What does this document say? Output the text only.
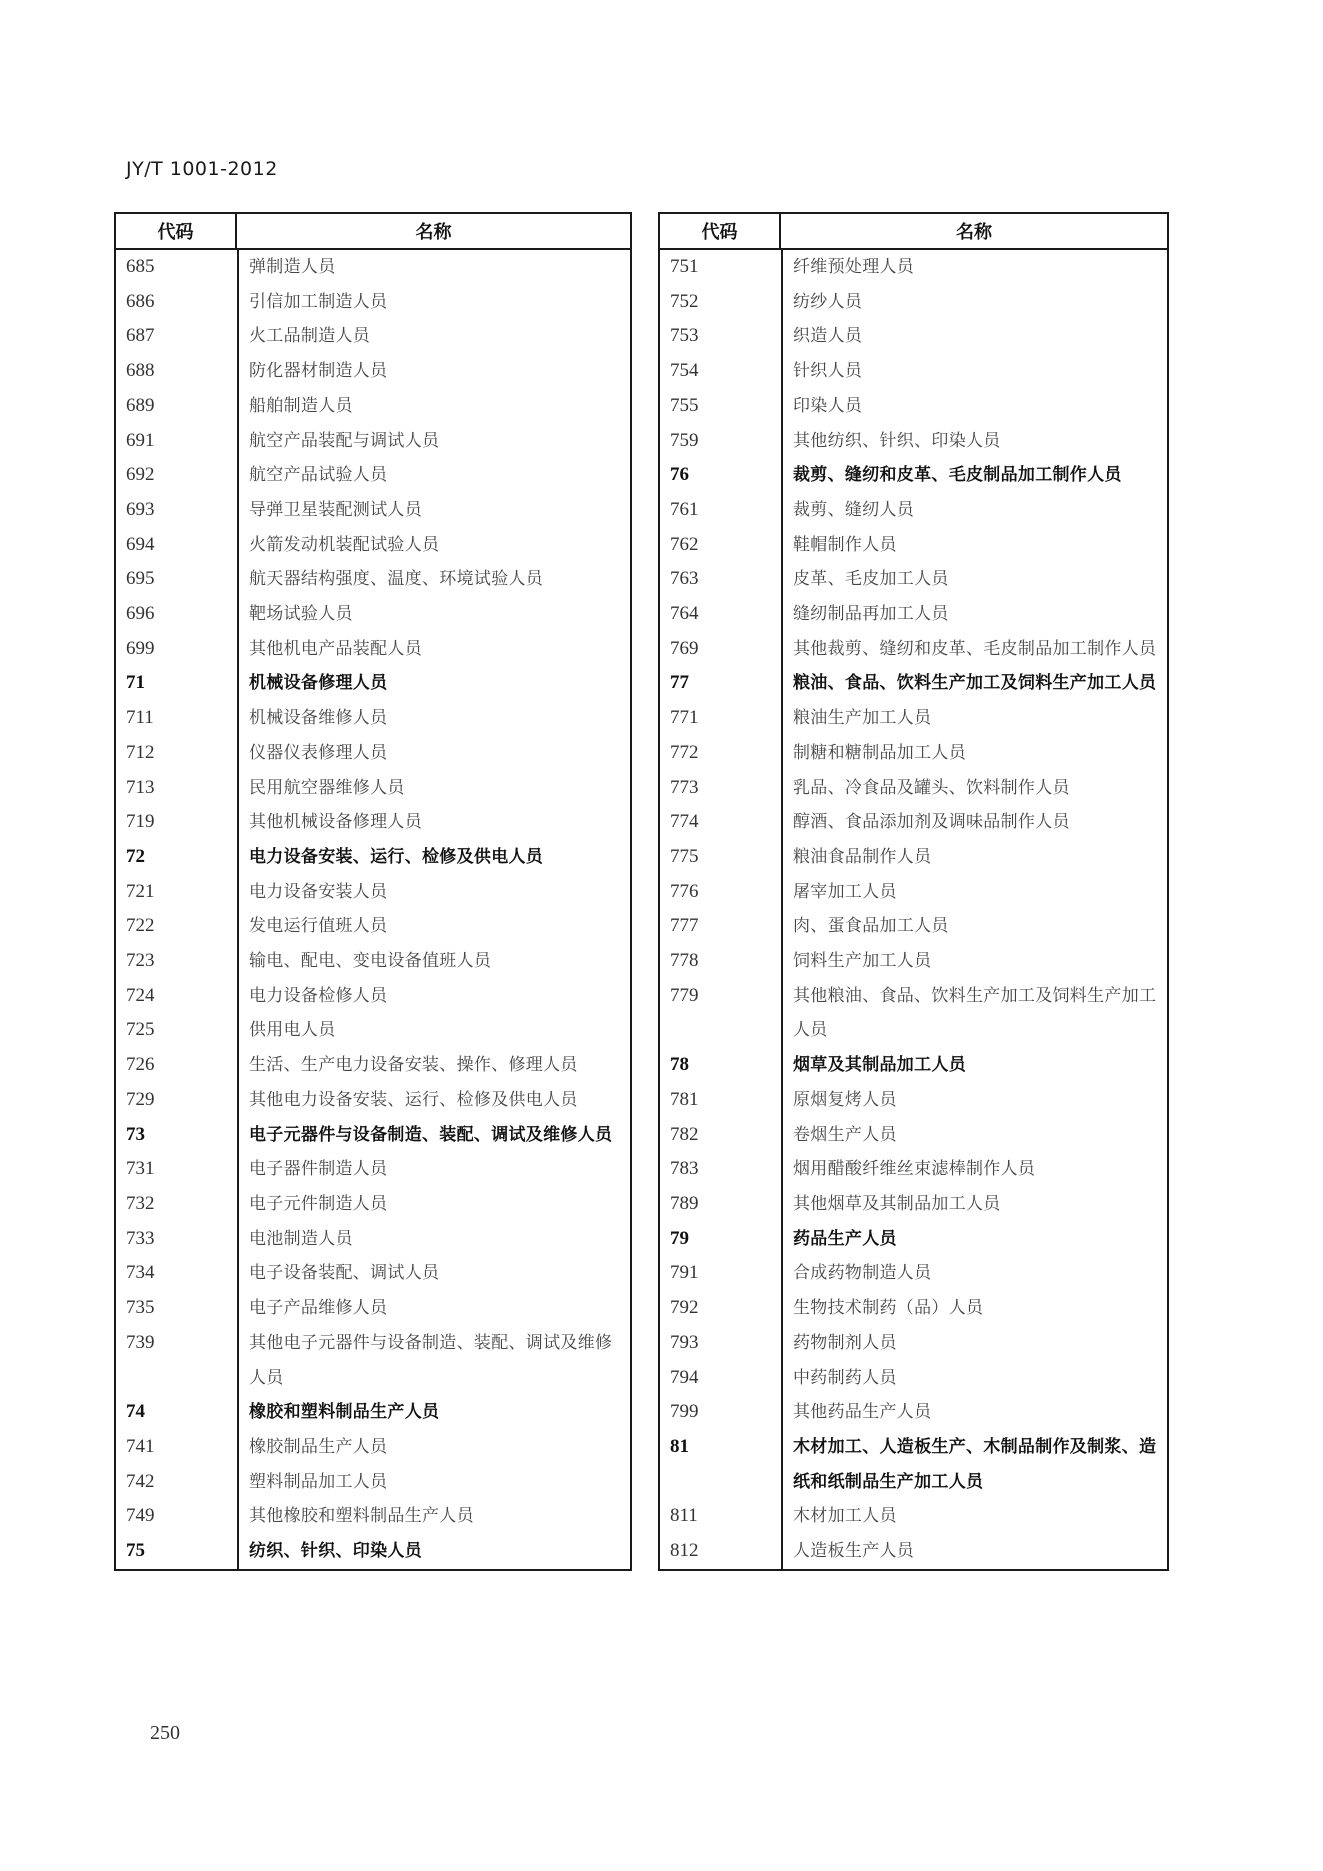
JY/T 1001-2012
代码	名称
685	弹制造人员
686	引信加工制造人员
687	火工品制造人员
688	防化器材制造人员
689	船舶制造人员
691	航空产品装配与调试人员
692	航空产品试验人员
693	导弹卫星装配测试人员
694	火箭发动机装配试验人员
695	航天器结构强度、温度、环境试验人员
696	靶场试验人员
699	其他机电产品装配人员
71	机械设备修理人员
711	机械设备维修人员
712	仪器仪表修理人员
713	民用航空器维修人员
719	其他机械设备修理人员
72	电力设备安装、运行、检修及供电人员
721	电力设备安装人员
722	发电运行值班人员
723	输电、配电、变电设备值班人员
724	电力设备检修人员
725	供用电人员
726	生活、生产电力设备安装、操作、修理人员
729	其他电力设备安装、运行、检修及供电人员
73	电子元器件与设备制造、装配、调试及维修人员
731	电子器件制造人员
732	电子元件制造人员
733	电池制造人员
734	电子设备装配、调试人员
735	电子产品维修人员
739	其他电子元器件与设备制造、装配、调试及维修人员
74	橡胶和塑料制品生产人员
741	橡胶制品生产人员
742	塑料制品加工人员
749	其他橡胶和塑料制品生产人员
75	纺织、针织、印染人员
代码	名称
751	纤维预处理人员
752	纺纱人员
753	织造人员
754	针织人员
755	印染人员
759	其他纺织、针织、印染人员
76	裁剪、缝纫和皮革、毛皮制品加工制作人员
761	裁剪、缝纫人员
762	鞋帽制作人员
763	皮革、毛皮加工人员
764	缝纫制品再加工人员
769	其他裁剪、缝纫和皮革、毛皮制品加工制作人员
77	粮油、食品、饮料生产加工及饲料生产加工人员
771	粮油生产加工人员
772	制糖和糖制品加工人员
773	乳品、冷食品及罐头、饮料制作人员
774	醇酒、食品添加剂及调味品制作人员
775	粮油食品制作人员
776	屠宰加工人员
777	肉、蛋食品加工人员
778	饲料生产加工人员
779	其他粮油、食品、饮料生产加工及饲料生产加工人员
78	烟草及其制品加工人员
781	原烟复烤人员
782	卷烟生产人员
783	烟用醋酸纤维丝束滤棒制作人员
789	其他烟草及其制品加工人员
79	药品生产人员
791	合成药物制造人员
792	生物技术制药（品）人员
793	药物制剂人员
794	中药制药人员
799	其他药品生产人员
81	木材加工、人造板生产、木制品制作及制浆、造纸和纸制品生产加工人员
811	木材加工人员
812	人造板生产人员
250
